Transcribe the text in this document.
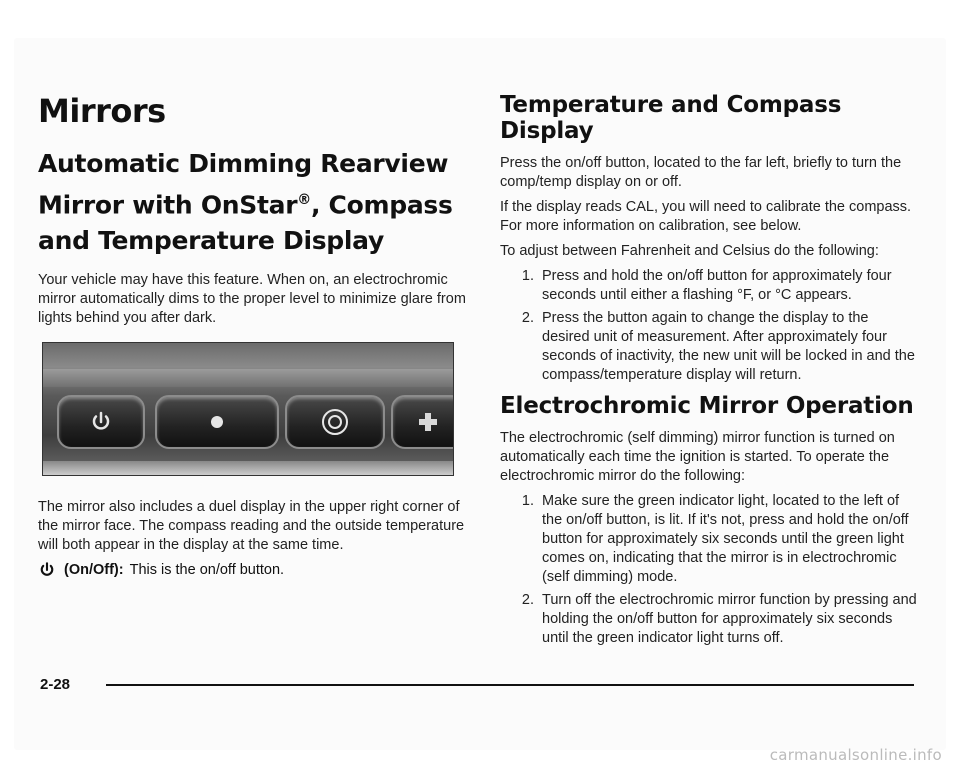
Mirrors
Automatic Dimming Rearview Mirror with OnStar®, Compass and Temperature Display

Your vehicle may have this feature. When on, an electrochromic mirror automatically dims to the proper level to minimize glare from lights behind you after dark.

The mirror also includes a duel display in the upper right corner of the mirror face. The compass reading and the outside temperature will both appear in the display at the same time.

(On/Off): This is the on/off button.
Temperature and Compass Display

Press the on/off button, located to the far left, briefly to turn the comp/temp display on or off.

If the display reads CAL, you will need to calibrate the compass. For more information on calibration, see below.

To adjust between Fahrenheit and Celsius do the following:

1. Press and hold the on/off button for approximately four seconds until either a flashing °F, or °C appears.
2. Press the button again to change the display to the desired unit of measurement. After approximately four seconds of inactivity, the new unit will be locked in and the compass/temperature display will return.
Electrochromic Mirror Operation

The electrochromic (self dimming) mirror function is turned on automatically each time the ignition is started. To operate the electrochromic mirror do the following:

1. Make sure the green indicator light, located to the left of the on/off button, is lit. If it's not, press and hold the on/off button for approximately six seconds until the green light comes on, indicating that the mirror is in electrochromic (self dimming) mode.
2. Turn off the electrochromic mirror function by pressing and holding the on/off button for approximately six seconds until the green indicator light turns off.
2-28
carmanualsonline.info
